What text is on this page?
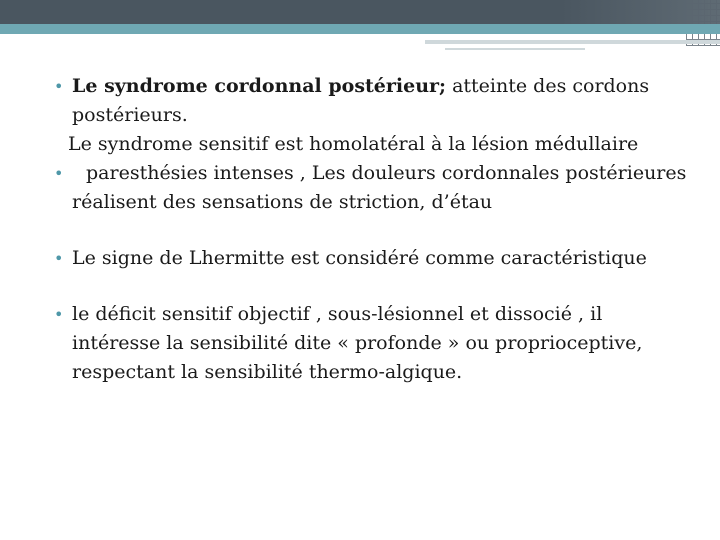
• Le syndrome cordonnal postérieur; atteinte des cordons postérieurs.
Le syndrome sensitif est homolatéral à la lésion médullaire
• paresthésies intenses , Les douleurs cordonnales postérieures réalisent des sensations de striction, d’étau
• Le signe de Lhermitte est considéré comme caractéristique
• le déficit sensitif objectif , sous-lésionnel et dissocié , il intéresse la sensibilité dite « profonde » ou proprioceptive, respectant la sensibilité thermo-algique.
